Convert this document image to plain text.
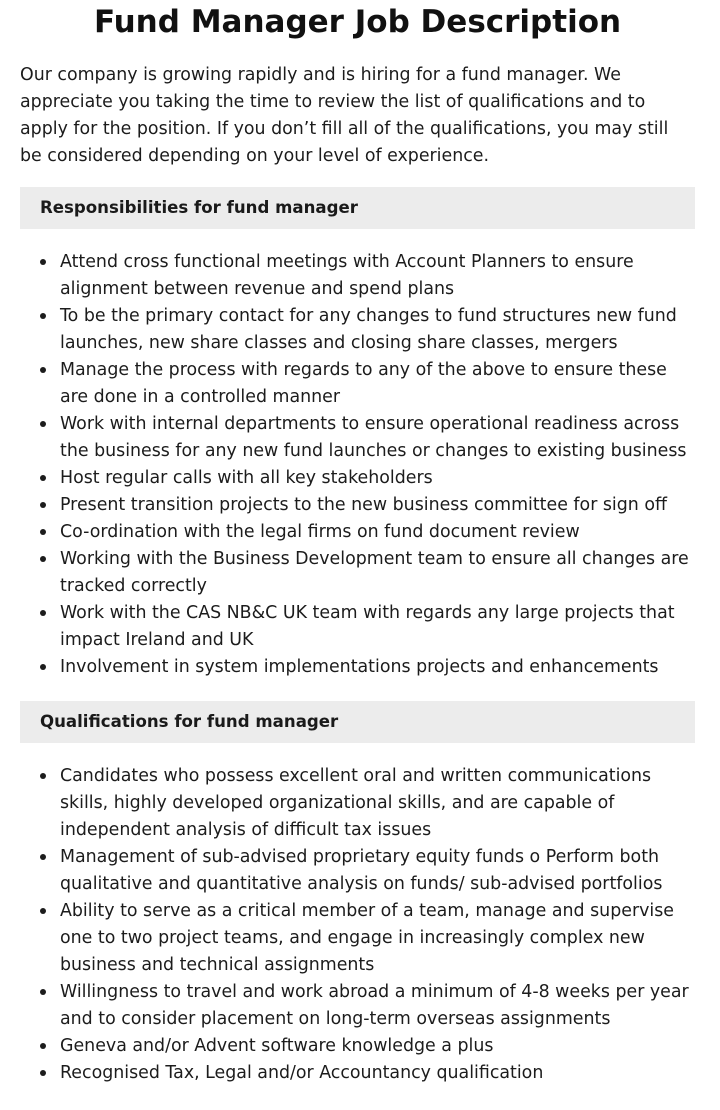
Fund Manager Job Description

Our company is growing rapidly and is hiring for a fund manager. We appreciate you taking the time to review the list of qualifications and to apply for the position. If you don’t fill all of the qualifications, you may still be considered depending on your level of experience.

Responsibilities for fund manager
Attend cross functional meetings with Account Planners to ensure alignment between revenue and spend plans
To be the primary contact for any changes to fund structures new fund launches, new share classes and closing share classes, mergers
Manage the process with regards to any of the above to ensure these are done in a controlled manner
Work with internal departments to ensure operational readiness across the business for any new fund launches or changes to existing business
Host regular calls with all key stakeholders
Present transition projects to the new business committee for sign off
Co-ordination with the legal firms on fund document review
Working with the Business Development team to ensure all changes are tracked correctly
Work with the CAS NB&C UK team with regards any large projects that impact Ireland and UK
Involvement in system implementations projects and enhancements
Qualifications for fund manager
Candidates who possess excellent oral and written communications skills, highly developed organizational skills, and are capable of independent analysis of difficult tax issues
Management of sub-advised proprietary equity funds o Perform both qualitative and quantitative analysis on funds/ sub-advised portfolios
Ability to serve as a critical member of a team, manage and supervise one to two project teams, and engage in increasingly complex new business and technical assignments
Willingness to travel and work abroad a minimum of 4-8 weeks per year and to consider placement on long-term overseas assignments
Geneva and/or Advent software knowledge a plus
Recognised Tax, Legal and/or Accountancy qualification
